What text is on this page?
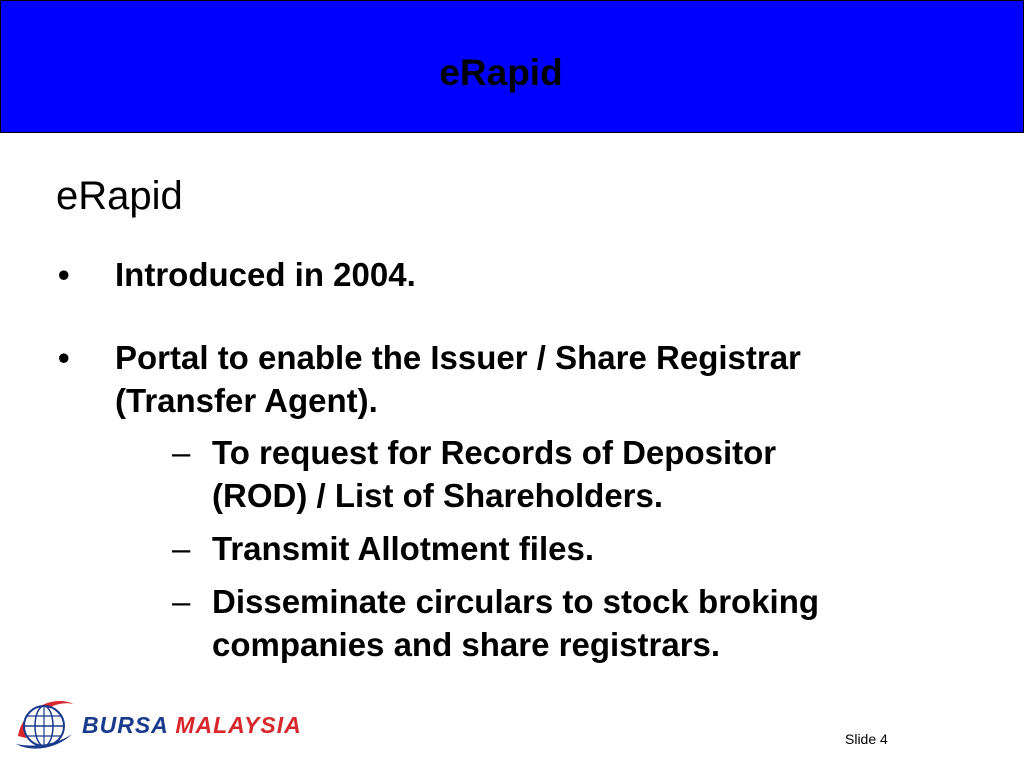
eRapid
eRapid
• Introduced in 2004.
• Portal to enable the Issuer / Share Registrar
(Transfer Agent).
– To request for Records of Depositor
(ROD) / List of Shareholders.
– Transmit Allotment files.
– Disseminate circulars to stock broking
companies and share registrars.
BURSA MALAYSIA
Slide 4
